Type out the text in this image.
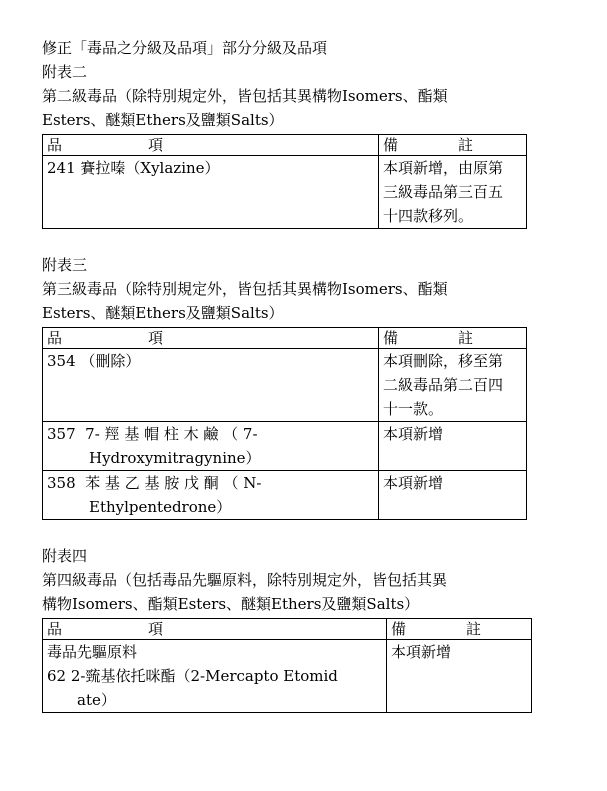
修正「毒品之分級及品項」部分分級及品項
附表二
第二級毒品（除特別規定外，皆包括其異構物Isomers、酯類
Esters、醚類Ethers及鹽類Salts）
品 項	備 註

241 賽拉嗪（Xylazine）	本項新增，由原第
三級毒品第三百五
十四款移列。
附表三
第三級毒品（除特別規定外，皆包括其異構物Isomers、酯類
Esters、醚類Ethers及鹽類Salts）
品 項	備 註

354 （刪除）	本項刪除，移至第
二級毒品第二百四
十一款。

357  7- 羥 基 帽 柱 木 鹼 （ 7-
Hydroxymitragynine）	本項新增

358  苯 基 乙 基 胺 戊 酮 （ N-
Ethylpentedrone）	本項新增
附表四
第四級毒品（包括毒品先驅原料，除特別規定外，皆包括其異
構物Isomers、酯類Esters、醚類Ethers及鹽類Salts）
品 項	備 註

毒品先驅原料
62 2-巰基依托咪酯（2-Mercapto Etomid
ate）	本項新增
